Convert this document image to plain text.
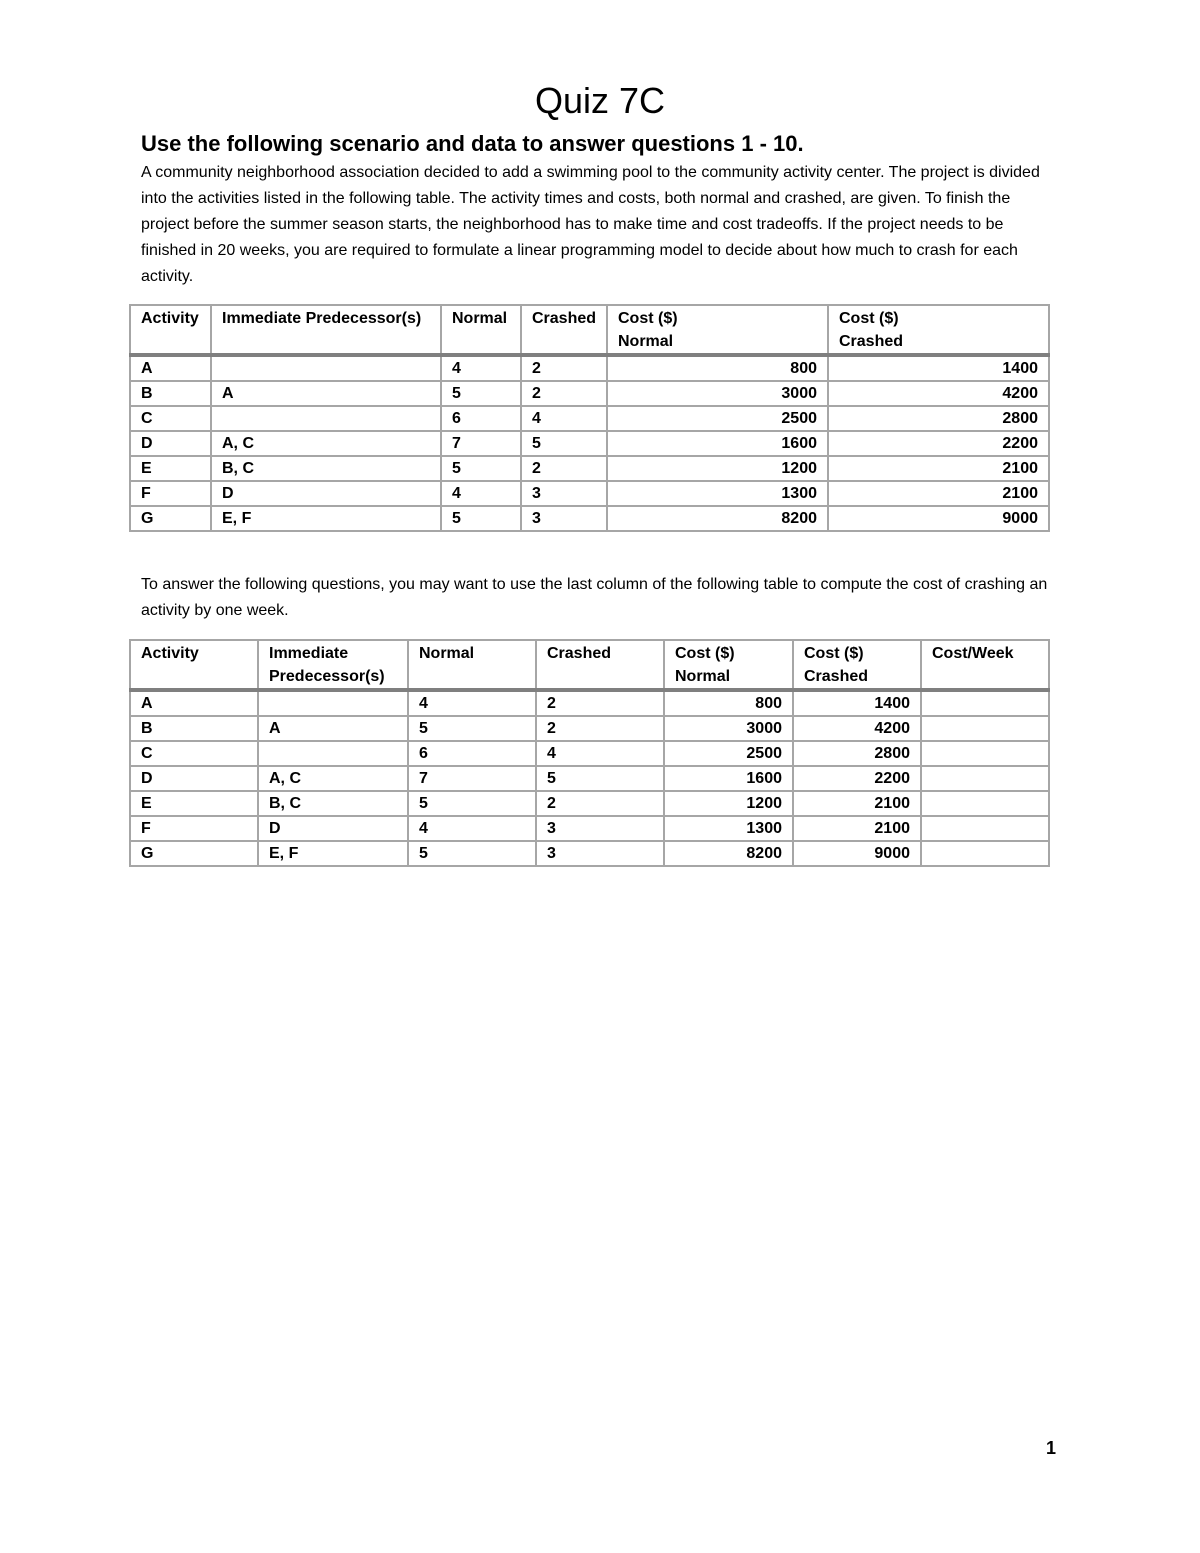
Quiz 7C
Use the following scenario and data to answer questions 1 - 10.

A community neighborhood association decided to add a swimming pool to the community activity center. The project is divided into the activities listed in the following table. The activity times and costs, both normal and crashed, are given. To finish the project before the summer season starts, the neighborhood has to make time and cost tradeoffs. If the project needs to be finished in 20 weeks, you are required to formulate a linear programming model to decide about how much to crash for each activity.

Activity	Immediate Predecessor(s)	Normal	Crashed	Cost ($) Normal	Cost ($) Crashed
A		4	2	800	1400
B	A	5	2	3000	4200
C		6	4	2500	2800
D	A, C	7	5	1600	2200
E	B, C	5	2	1200	2100
F	D	4	3	1300	2100
G	E, F	5	3	8200	9000

To answer the following questions, you may want to use the last column of the following table to compute the cost of crashing an activity by one week.

Activity	Immediate Predecessor(s)	Normal	Crashed	Cost ($) Normal	Cost ($) Crashed	Cost/Week
A		4	2	800	1400	
B	A	5	2	3000	4200	
C		6	4	2500	2800	
D	A, C	7	5	1600	2200	
E	B, C	5	2	1200	2100	
F	D	4	3	1300	2100	
G	E, F	5	3	8200	9000	
1
